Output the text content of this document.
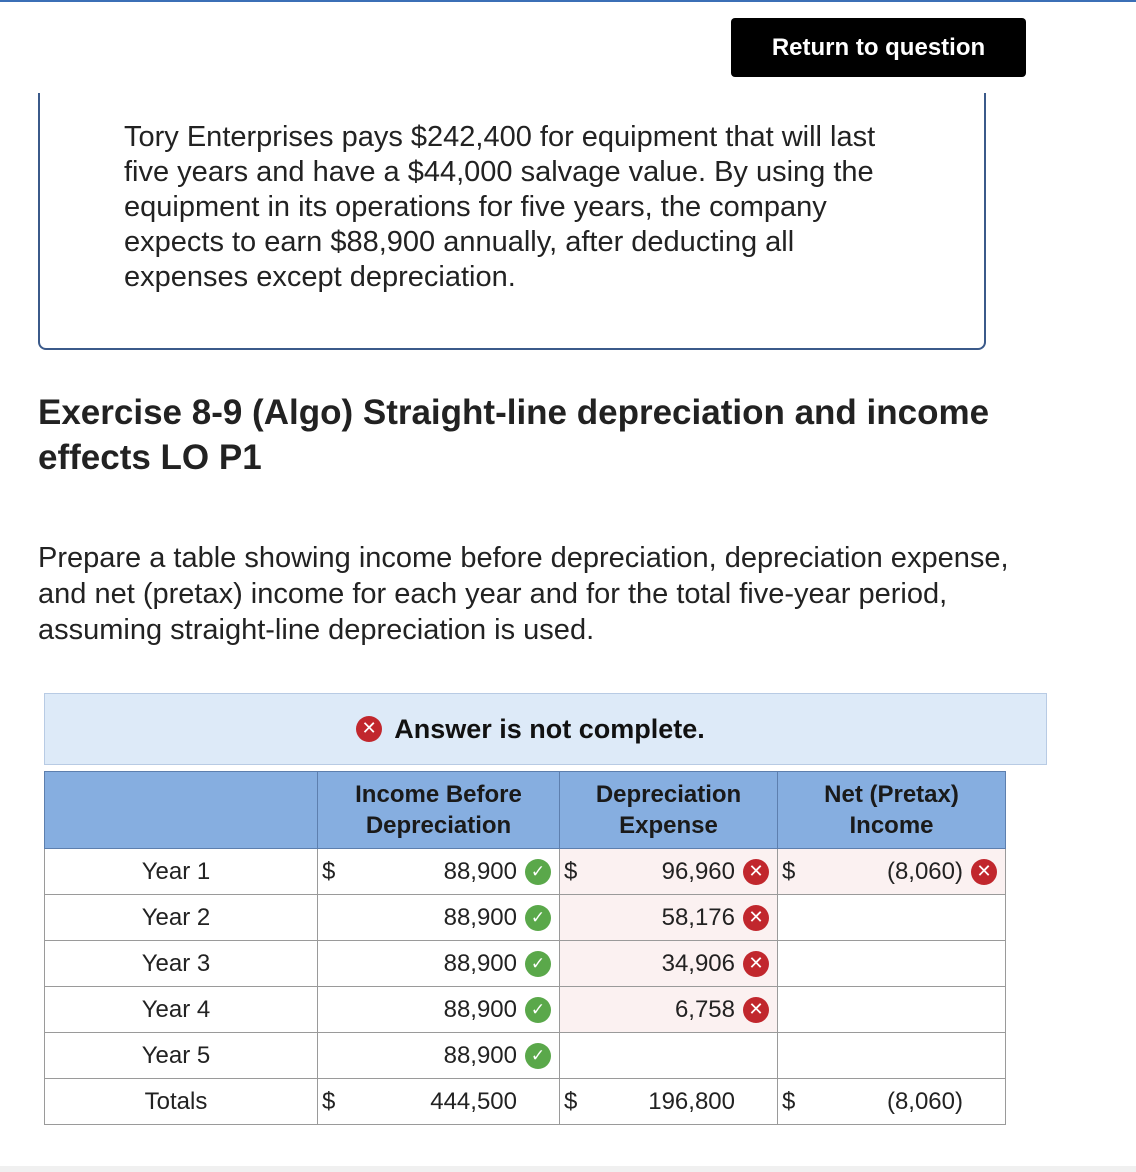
Return to question
Tory Enterprises pays $242,400 for equipment that will last five years and have a $44,000 salvage value. By using the equipment in its operations for five years, the company expects to earn $88,900 annually, after deducting all expenses except depreciation.
Exercise 8-9 (Algo) Straight-line depreciation and income effects LO P1
Prepare a table showing income before depreciation, depreciation expense, and net (pretax) income for each year and for the total five-year period, assuming straight-line depreciation is used.
✕ Answer is not complete.
	Income Before Depreciation	Depreciation Expense	Net (Pretax) Income
Year 1	$ 88,900 ✓	$ 96,960 ✕	$ (8,060) ✕

Year 2	88,900 ✓	58,176 ✕	

Year 3	88,900 ✓	34,906 ✕	

Year 4	88,900 ✓	6,758 ✕	

Year 5	88,900 ✓		

Totals	$ 444,500	$ 196,800	$ (8,060)
